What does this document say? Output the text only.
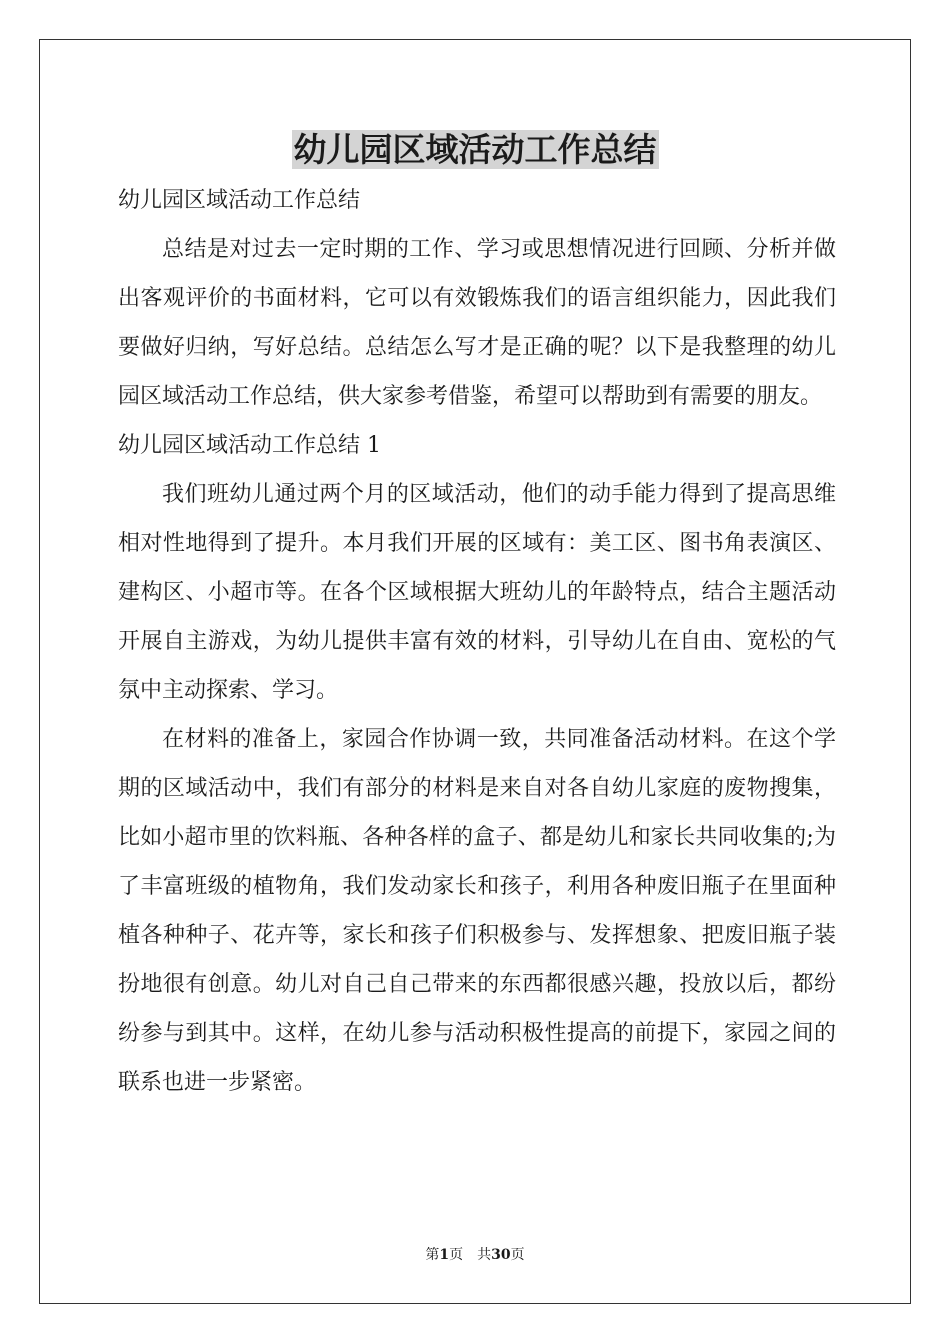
幼儿园区域活动工作总结

幼儿园区域活动工作总结

总结是对过去一定时期的工作、学习或思想情况进行回顾、分析并做出客观评价的书面材料，它可以有效锻炼我们的语言组织能力，因此我们要做好归纳，写好总结。总结怎么写才是正确的呢？以下是我整理的幼儿园区域活动工作总结，供大家参考借鉴，希望可以帮助到有需要的朋友。

幼儿园区域活动工作总结 1

我们班幼儿通过两个月的区域活动，他们的动手能力得到了提高思维相对性地得到了提升。本月我们开展的区域有：美工区、图书角表演区、建构区、小超市等。在各个区域根据大班幼儿的年龄特点，结合主题活动开展自主游戏，为幼儿提供丰富有效的材料，引导幼儿在自由、宽松的气氛中主动探索、学习。

在材料的准备上，家园合作协调一致，共同准备活动材料。在这个学期的区域活动中，我们有部分的材料是来自对各自幼儿家庭的废物搜集，比如小超市里的饮料瓶、各种各样的盒子、都是幼儿和家长共同收集的;为了丰富班级的植物角，我们发动家长和孩子，利用各种废旧瓶子在里面种植各种种子、花卉等，家长和孩子们积极参与、发挥想象、把废旧瓶子装扮地很有创意。幼儿对自己自己带来的东西都很感兴趣，投放以后，都纷纷参与到其中。这样，在幼儿参与活动积极性提高的前提下，家园之间的联系也进一步紧密。

第1页 共30页
